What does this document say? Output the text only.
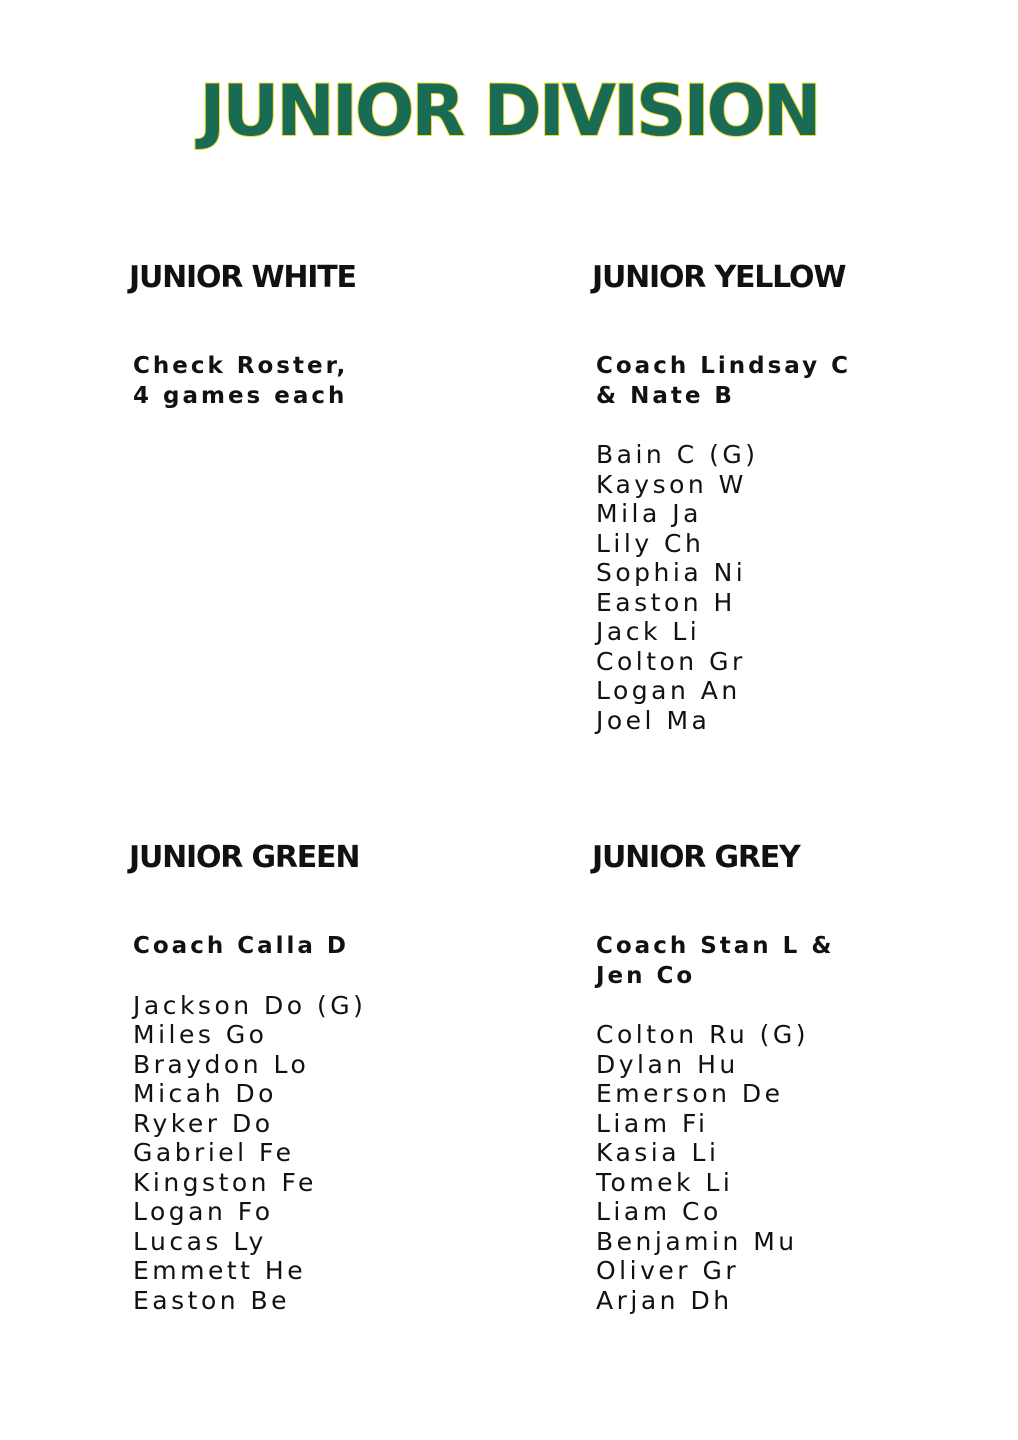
JUNIOR DIVISION
JUNIOR WHITE
Check Roster,
4 games each
JUNIOR YELLOW
Coach Lindsay C
& Nate B
Bain C (G)
Kayson W
Mila Ja
Lily Ch
Sophia Ni
Easton H
Jack Li
Colton Gr
Logan An
Joel Ma
JUNIOR GREEN
Coach Calla D
Jackson Do (G)
Miles Go
Braydon Lo
Micah Do
Ryker Do
Gabriel Fe
Kingston Fe
Logan Fo
Lucas Ly
Emmett He
Easton Be
JUNIOR GREY
Coach Stan L &
Jen Co
Colton Ru (G)
Dylan Hu
Emerson De
Liam Fi
Kasia Li
Tomek Li
Liam Co
Benjamin Mu
Oliver Gr
Arjan Dh
